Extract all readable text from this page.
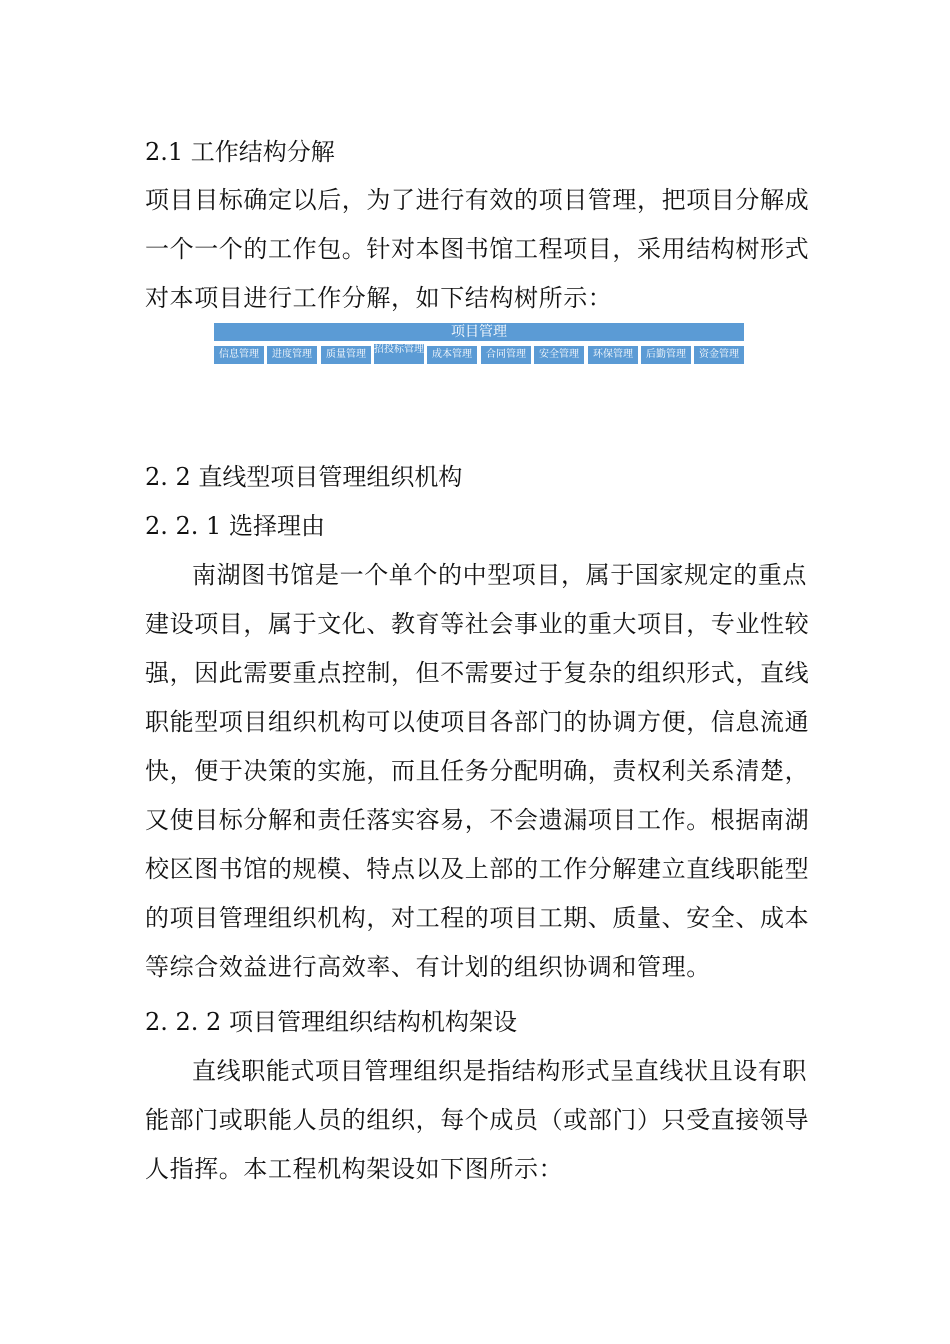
2.1 工作结构分解
项目目标确定以后，为了进行有效的项目管理，把项目分解成
一个一个的工作包。针对本图书馆工程项目，采用结构树形式
对本项目进行工作分解，如下结构树所示：
项目管理
信息管理	进度管理	质量管理 招投标管理 成本管理	合同管理	安全管理	环保管理	后勤管理	资金管理
2. 2 直线型项目管理组织机构
2. 2. 1 选择理由
南湖图书馆是一个单个的中型项目，属于国家规定的重点
建设项目，属于文化、教育等社会事业的重大项目，专业性较
强，因此需要重点控制，但不需要过于复杂的组织形式，直线
职能型项目组织机构可以使项目各部门的协调方便，信息流通
快，便于决策的实施，而且任务分配明确，责权利关系清楚，
又使目标分解和责任落实容易，不会遗漏项目工作。根据南湖
校区图书馆的规模、特点以及上部的工作分解建立直线职能型
的项目管理组织机构，对工程的项目工期、质量、安全、成本
等综合效益进行高效率、有计划的组织协调和管理。
2. 2. 2 项目管理组织结构机构架设
直线职能式项目管理组织是指结构形式呈直线状且设有职
能部门或职能人员的组织，每个成员（或部门）只受直接领导
人指挥。本工程机构架设如下图所示：
